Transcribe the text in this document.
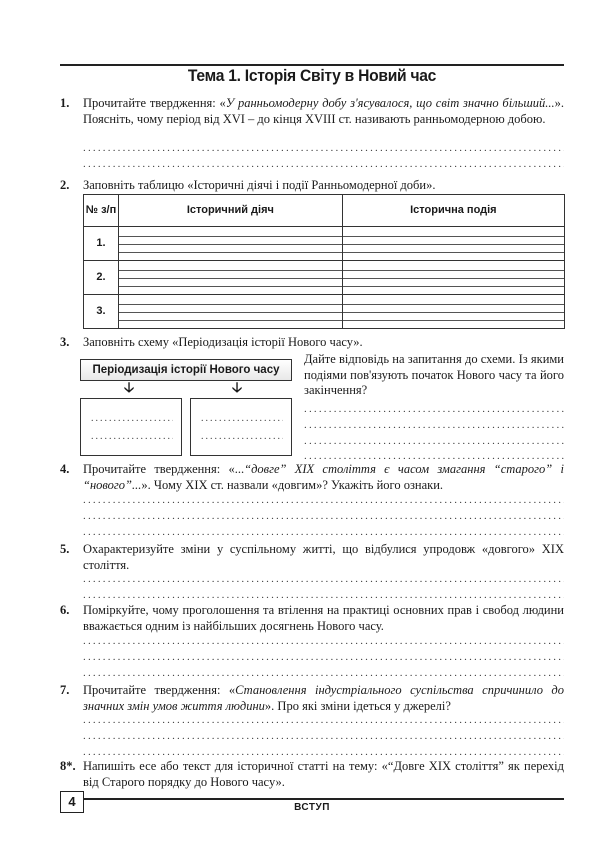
Тема 1. Історія Світу в Новий час
1. Прочитайте твердження: «У ранньомодерну добу з'ясувалося, що світ значно більший...». Поясніть, чому період від XVI – до кінця XVIII ст. називають ранньомодерною добою.
.....
.....
2. Заповніть таблицю «Історичні діячі і події Ранньомодерної доби».
№ з/п	Історичний діяч	Історична подія
1.	

2.	

3.	

3. Заповніть схему «Періодизація історії Нового часу».
Періодизація історії Нового часу
🡣	🡣
.....
.....
.....
.....
Дайте відповідь на запитання до схеми. Із якими подіями пов'язують початок Нового часу та його закінчення?
.....
.....
.....
.....
4. Прочитайте твердження: «...“довге” XIX століття є часом змагання “старого” і “нового”...». Чому XIX ст. назвали «довгим»? Укажіть його ознаки.
.....
.....
.....
5. Охарактеризуйте зміни у суспільному житті, що відбулися упродовж «довгого» XIX століття.
.....
.....
6. Поміркуйте, чому проголошення та втілення на практиці основних прав і свобод людини вважається одним із найбільших досягнень Нового часу.
.....
.....
.....
7. Прочитайте твердження: «Становлення індустріального суспільства спричинило до значних змін умов життя людини». Про які зміни ідеться у джерелі?
.....
.....
.....
8*. Напишіть есе або текст для історичної статті на тему: «“Довге XIX століття” як перехід від Старого порядку до Нового часу».
4	ВСТУП
